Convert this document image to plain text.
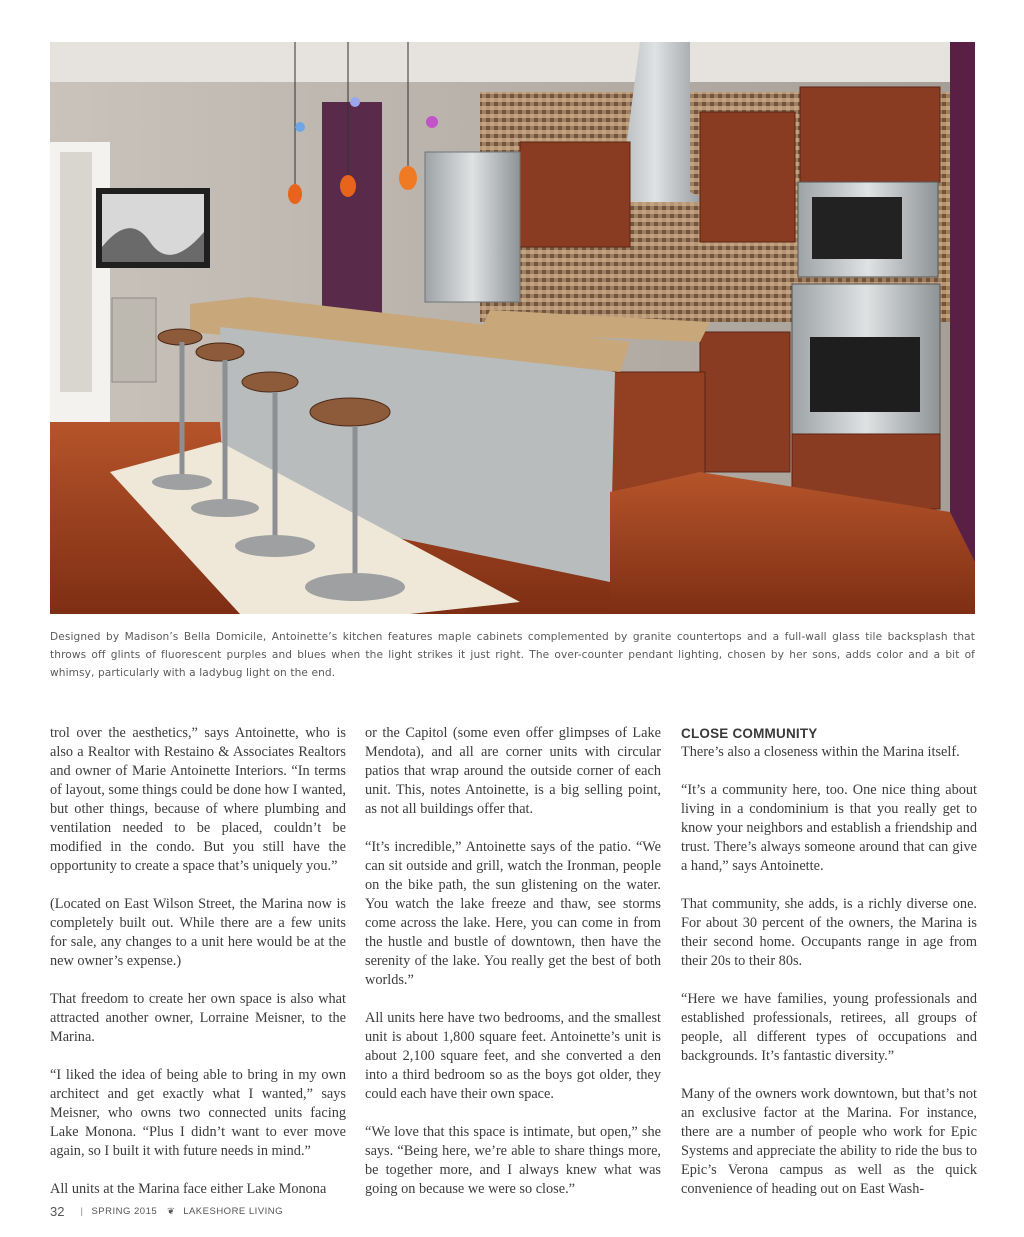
Designed by Madison’s Bella Domicile, Antoinette’s kitchen features maple cabinets complemented by granite countertops and a full-wall glass tile backsplash that throws off glints of fluorescent purples and blues when the light strikes it just right. The over-counter pendant lighting, chosen by her sons, adds color and a bit of whimsy, particularly with a ladybug light on the end.

trol over the aesthetics,” says Antoinette, who is also a Realtor with Restaino & Associates Realtors and owner of Marie Antoinette Interiors. “In terms of layout, some things could be done how I wanted, but other things, because of where plumbing and ventilation needed to be placed, couldn’t be modified in the condo. But you still have the opportunity to create a space that’s uniquely you.”

(Located on East Wilson Street, the Marina now is completely built out. While there are a few units for sale, any changes to a unit here would be at the new owner’s expense.)

That freedom to create her own space is also what attracted another owner, Lorraine Meisner, to the Marina.

“I liked the idea of being able to bring in my own architect and get exactly what I wanted,” says Meisner, who owns two connected units facing Lake Monona. “Plus I didn’t want to ever move again, so I built it with future needs in mind.”

All units at the Marina face either Lake Monona

or the Capitol (some even offer glimpses of Lake Mendota), and all are corner units with circular patios that wrap around the outside corner of each unit. This, notes Antoinette, is a big selling point, as not all buildings offer that.

“It’s incredible,” Antoinette says of the patio. “We can sit outside and grill, watch the Ironman, people on the bike path, the sun glistening on the water. You watch the lake freeze and thaw, see storms come across the lake. Here, you can come in from the hustle and bustle of downtown, then have the serenity of the lake. You really get the best of both worlds.”

All units here have two bedrooms, and the smallest unit is about 1,800 square feet. Antoinette’s unit is about 2,100 square feet, and she converted a den into a third bedroom so as the boys got older, they could each have their own space.

“We love that this space is intimate, but open,” she says. “Being here, we’re able to share things more, be together more, and I always knew what was going on because we were so close.”

CLOSE COMMUNITY

There’s also a closeness within the Marina itself.

“It’s a community here, too. One nice thing about living in a condominium is that you really get to know your neighbors and establish a friendship and trust. There’s always someone around that can give a hand,” says Antoinette.

That community, she adds, is a richly diverse one. For about 30 percent of the owners, the Marina is their second home. Occupants range in age from their 20s to their 80s.

“Here we have families, young professionals and established professionals, retirees, all groups of people, all different types of occupations and backgrounds. It’s fantastic diversity.”

Many of the owners work downtown, but that’s not an exclusive factor at the Marina. For instance, there are a number of people who work for Epic Systems and appreciate the ability to ride the bus to Epic’s Verona campus as well as the quick convenience of heading out on East Wash-

32 | SPRING 2015 ❦ LAKESHORE LIVING
